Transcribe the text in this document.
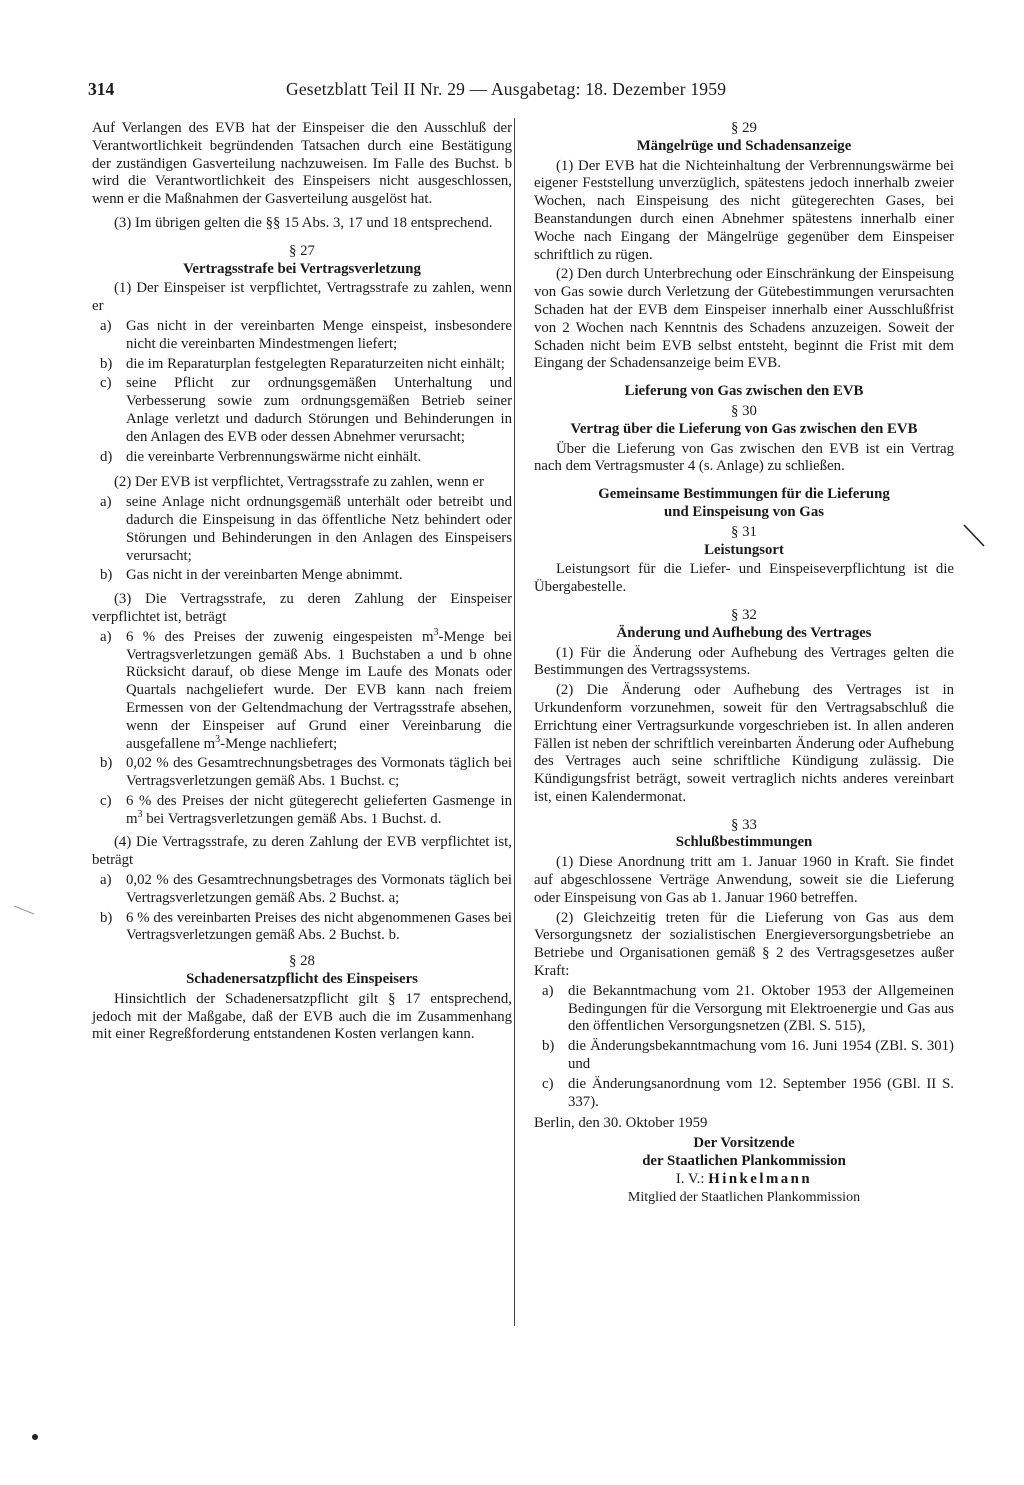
314	Gesetzblatt Teil II Nr. 29 — Ausgabetag: 18. Dezember 1959

Auf Verlangen des EVB hat der Einspeiser die den Ausschluß der Verantwortlichkeit begründenden Tatsachen durch eine Bestätigung der zuständigen Gasverteilung nachzuweisen. Im Falle des Buchst. b wird die Verantwortlichkeit des Einspeisers nicht ausgeschlossen, wenn er die Maßnahmen der Gasverteilung ausgelöst hat.

(3) Im übrigen gelten die §§ 15 Abs. 3, 17 und 18 entsprechend.

§ 27

Vertragsstrafe bei Vertragsverletzung

(1) Der Einspeiser ist verpflichtet, Vertragsstrafe zu zahlen, wenn er

a) Gas nicht in der vereinbarten Menge einspeist, insbesondere nicht die vereinbarten Mindestmengen liefert;
b) die im Reparaturplan festgelegten Reparaturzeiten nicht einhält;
c) seine Pflicht zur ordnungsgemäßen Unterhaltung und Verbesserung sowie zum ordnungsgemäßen Betrieb seiner Anlage verletzt und dadurch Störungen und Behinderungen in den Anlagen des EVB oder dessen Abnehmer verursacht;
d) die vereinbarte Verbrennungswärme nicht einhält.

(2) Der EVB ist verpflichtet, Vertragsstrafe zu zahlen, wenn er

a) seine Anlage nicht ordnungsgemäß unterhält oder betreibt und dadurch die Einspeisung in das öffentliche Netz behindert oder Störungen und Behinderungen in den Anlagen des Einspeisers verursacht;
b) Gas nicht in der vereinbarten Menge abnimmt.

(3) Die Vertragsstrafe, zu deren Zahlung der Einspeiser verpflichtet ist, beträgt

a) 6 % des Preises der zuwenig eingespeisten $m^3$-Menge bei Vertragsverletzungen gemäß Abs. 1 Buchstaben a und b ohne Rücksicht darauf, ob diese Menge im Laufe des Monats oder Quartals nachgeliefert wurde. Der EVB kann nach freiem Ermessen von der Geltendmachung der Vertragsstrafe absehen, wenn der Einspeiser auf Grund einer Vereinbarung die ausgefallene $m^3$-Menge nachliefert;
b) 0,02 % des Gesamtrechnungsbetrages des Vormonats täglich bei Vertragsverletzungen gemäß Abs. 1 Buchst. c;
c) 6 % des Preises der nicht gütegerecht gelieferten Gasmenge in $m^3$ bei Vertragsverletzungen gemäß Abs. 1 Buchst. d.

(4) Die Vertragsstrafe, zu deren Zahlung der EVB verpflichtet ist, beträgt

a) 0,02 % des Gesamtrechnungsbetrages des Vormonats täglich bei Vertragsverletzungen gemäß Abs. 2 Buchst. a;
b) 6 % des vereinbarten Preises des nicht abgenommenen Gases bei Vertragsverletzungen gemäß Abs. 2 Buchst. b.

§ 28

Schadenersatzpflicht des Einspeisers

Hinsichtlich der Schadenersatzpflicht gilt § 17 entsprechend, jedoch mit der Maßgabe, daß der EVB auch die im Zusammenhang mit einer Regreßforderung entstandenen Kosten verlangen kann.

§ 29

Mängelrüge und Schadensanzeige

(1) Der EVB hat die Nichteinhaltung der Verbrennungswärme bei eigener Feststellung unverzüglich, spätestens jedoch innerhalb zweier Wochen, nach Einspeisung des nicht gütegerechten Gases, bei Beanstandungen durch einen Abnehmer spätestens innerhalb einer Woche nach Eingang der Mängelrüge gegenüber dem Einspeiser schriftlich zu rügen.

(2) Den durch Unterbrechung oder Einschränkung der Einspeisung von Gas sowie durch Verletzung der Gütebestimmungen verursachten Schaden hat der EVB dem Einspeiser innerhalb einer Ausschlußfrist von 2 Wochen nach Kenntnis des Schadens anzuzeigen. Soweit der Schaden nicht beim EVB selbst entsteht, beginnt die Frist mit dem Eingang der Schadensanzeige beim EVB.

Lieferung von Gas zwischen den EVB

§ 30

Vertrag über die Lieferung von Gas zwischen den EVB

Über die Lieferung von Gas zwischen den EVB ist ein Vertrag nach dem Vertragsmuster 4 (s. Anlage) zu schließen.

Gemeinsame Bestimmungen für die Lieferung

und Einspeisung von Gas

§ 31

Leistungsort

Leistungsort für die Liefer- und Einspeiseverpflichtung ist die Übergabestelle.

§ 32

Änderung und Aufhebung des Vertrages

(1) Für die Änderung oder Aufhebung des Vertrages gelten die Bestimmungen des Vertragssystems.

(2) Die Änderung oder Aufhebung des Vertrages ist in Urkundenform vorzunehmen, soweit für den Vertragsabschluß die Errichtung einer Vertragsurkunde vorgeschrieben ist. In allen anderen Fällen ist neben der schriftlich vereinbarten Änderung oder Aufhebung des Vertrages auch seine schriftliche Kündigung zulässig. Die Kündigungsfrist beträgt, soweit vertraglich nichts anderes vereinbart ist, einen Kalendermonat.

§ 33

Schlußbestimmungen

(1) Diese Anordnung tritt am 1. Januar 1960 in Kraft. Sie findet auf abgeschlossene Verträge Anwendung, soweit sie die Lieferung oder Einspeisung von Gas ab 1. Januar 1960 betreffen.

(2) Gleichzeitig treten für die Lieferung von Gas aus dem Versorgungsnetz der sozialistischen Energieversorgungsbetriebe an Betriebe und Organisationen gemäß § 2 des Vertragsgesetzes außer Kraft:

a) die Bekanntmachung vom 21. Oktober 1953 der Allgemeinen Bedingungen für die Versorgung mit Elektroenergie und Gas aus den öffentlichen Versorgungsnetzen (ZBl. S. 515),
b) die Änderungsbekanntmachung vom 16. Juni 1954 (ZBl. S. 301) und
c) die Änderungsanordnung vom 12. September 1956 (GBl. II S. 337).

Berlin, den 30. Oktober 1959

Der Vorsitzende

der Staatlichen Plankommission

I. V.: Hinkelmann

Mitglied der Staatlichen Plankommission
